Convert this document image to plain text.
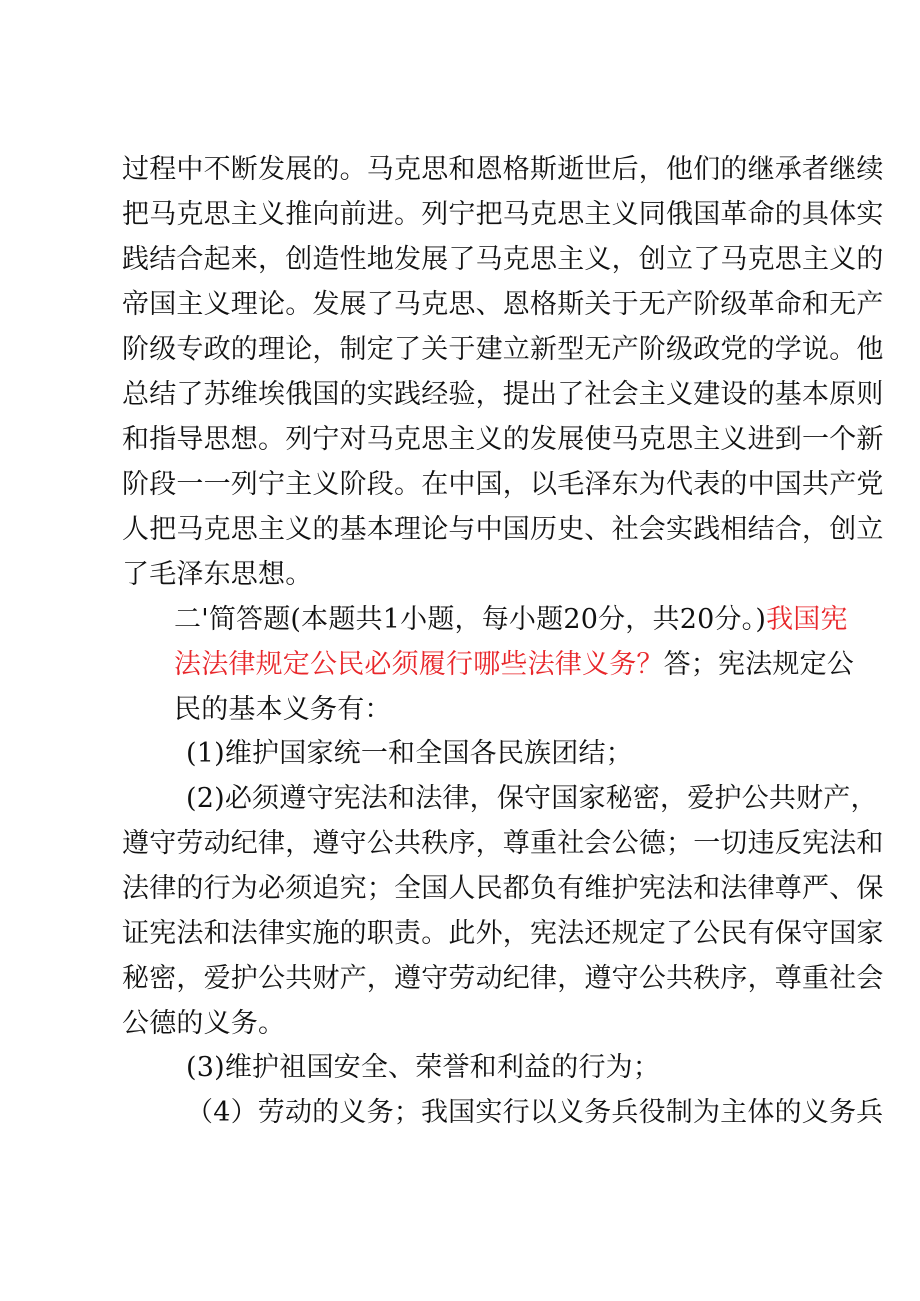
过程中不断发展的。马克思和恩格斯逝世后，他们的继承者继续
把马克思主义推向前进。列宁把马克思主义同俄国革命的具体实
践结合起来，创造性地发展了马克思主义，创立了马克思主义的
帝国主义理论。发展了马克思、恩格斯关于无产阶级革命和无产
阶级专政的理论，制定了关于建立新型无产阶级政党的学说。他
总结了苏维埃俄国的实践经验，提出了社会主义建设的基本原则
和指导思想。列宁对马克思主义的发展使马克思主义进到一个新
阶段一一列宁主义阶段。在中国，以毛泽东为代表的中国共产党
人把马克思主义的基本理论与中国历史、社会实践相结合，创立
了毛泽东思想。
二'简答题(本题共1小题，每小题20分，共20分。)我国宪
法法律规定公民必须履行哪些法律义务？答；宪法规定公
民的基本义务有：
(1)维护国家统一和全国各民族团结；
(2)必须遵守宪法和法律，保守国家秘密，爱护公共财产，
遵守劳动纪律，遵守公共秩序，尊重社会公德；一切违反宪法和
法律的行为必须追究；全国人民都负有维护宪法和法律尊严、保
证宪法和法律实施的职责。此外，宪法还规定了公民有保守国家
秘密，爱护公共财产，遵守劳动纪律，遵守公共秩序，尊重社会
公德的义务。
(3)维护祖国安全、荣誉和利益的行为；
（4）劳动的义务；我国实行以义务兵役制为主体的义务兵
